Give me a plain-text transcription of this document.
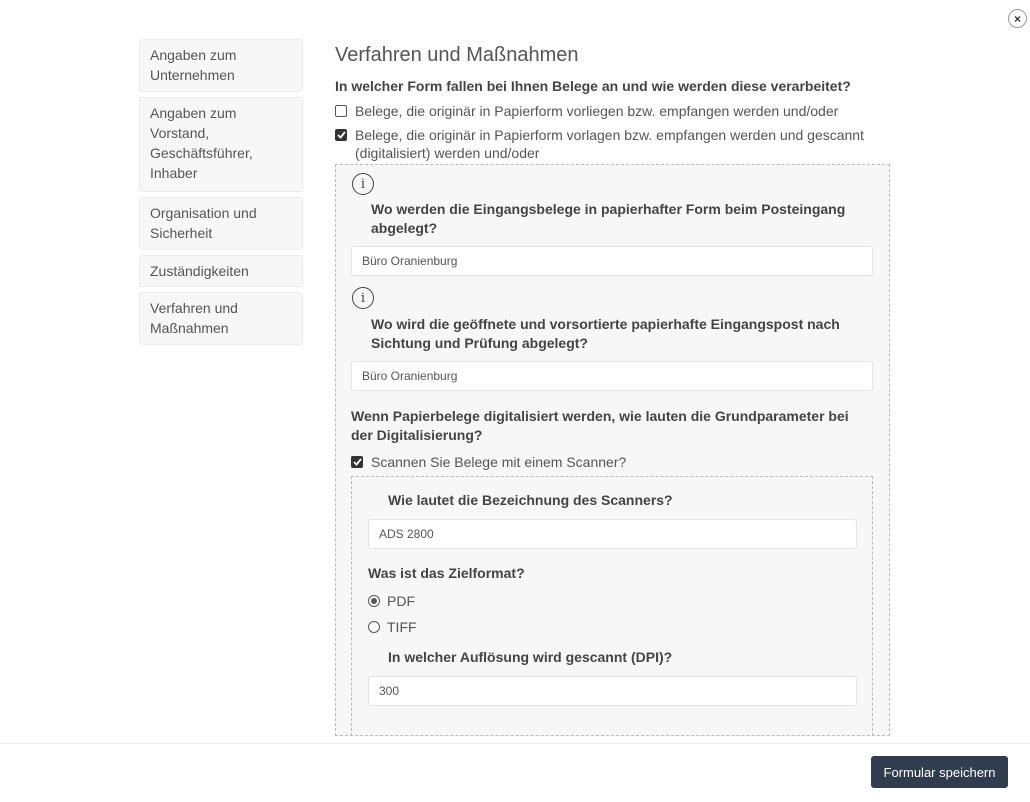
×
Angaben zum
Unternehmen
Angaben zum
Vorstand,
Geschäftsführer,
Inhaber
Organisation und
Sicherheit
Zuständigkeiten
Verfahren und
Maßnahmen
Verfahren und Maßnahmen
In welcher Form fallen bei Ihnen Belege an und wie werden diese verarbeitet?
Belege, die originär in Papierform vorliegen bzw. empfangen werden und/oder
Belege, die originär in Papierform vorlagen bzw. empfangen werden und gescannt (digitalisiert) werden und/oder
i
Wo werden die Eingangsbelege in papierhafter Form beim Posteingang abgelegt?
Büro Oranienburg
i
Wo wird die geöffnete und vorsortierte papierhafte Eingangspost nach Sichtung und Prüfung abgelegt?
Büro Oranienburg
Wenn Papierbelege digitalisiert werden, wie lauten die Grundparameter bei der Digitalisierung?
Scannen Sie Belege mit einem Scanner?
Wie lautet die Bezeichnung des Scanners?
ADS 2800
Was ist das Zielformat?
PDF
TIFF
In welcher Auflösung wird gescannt (DPI)?
300
Formular speichern
